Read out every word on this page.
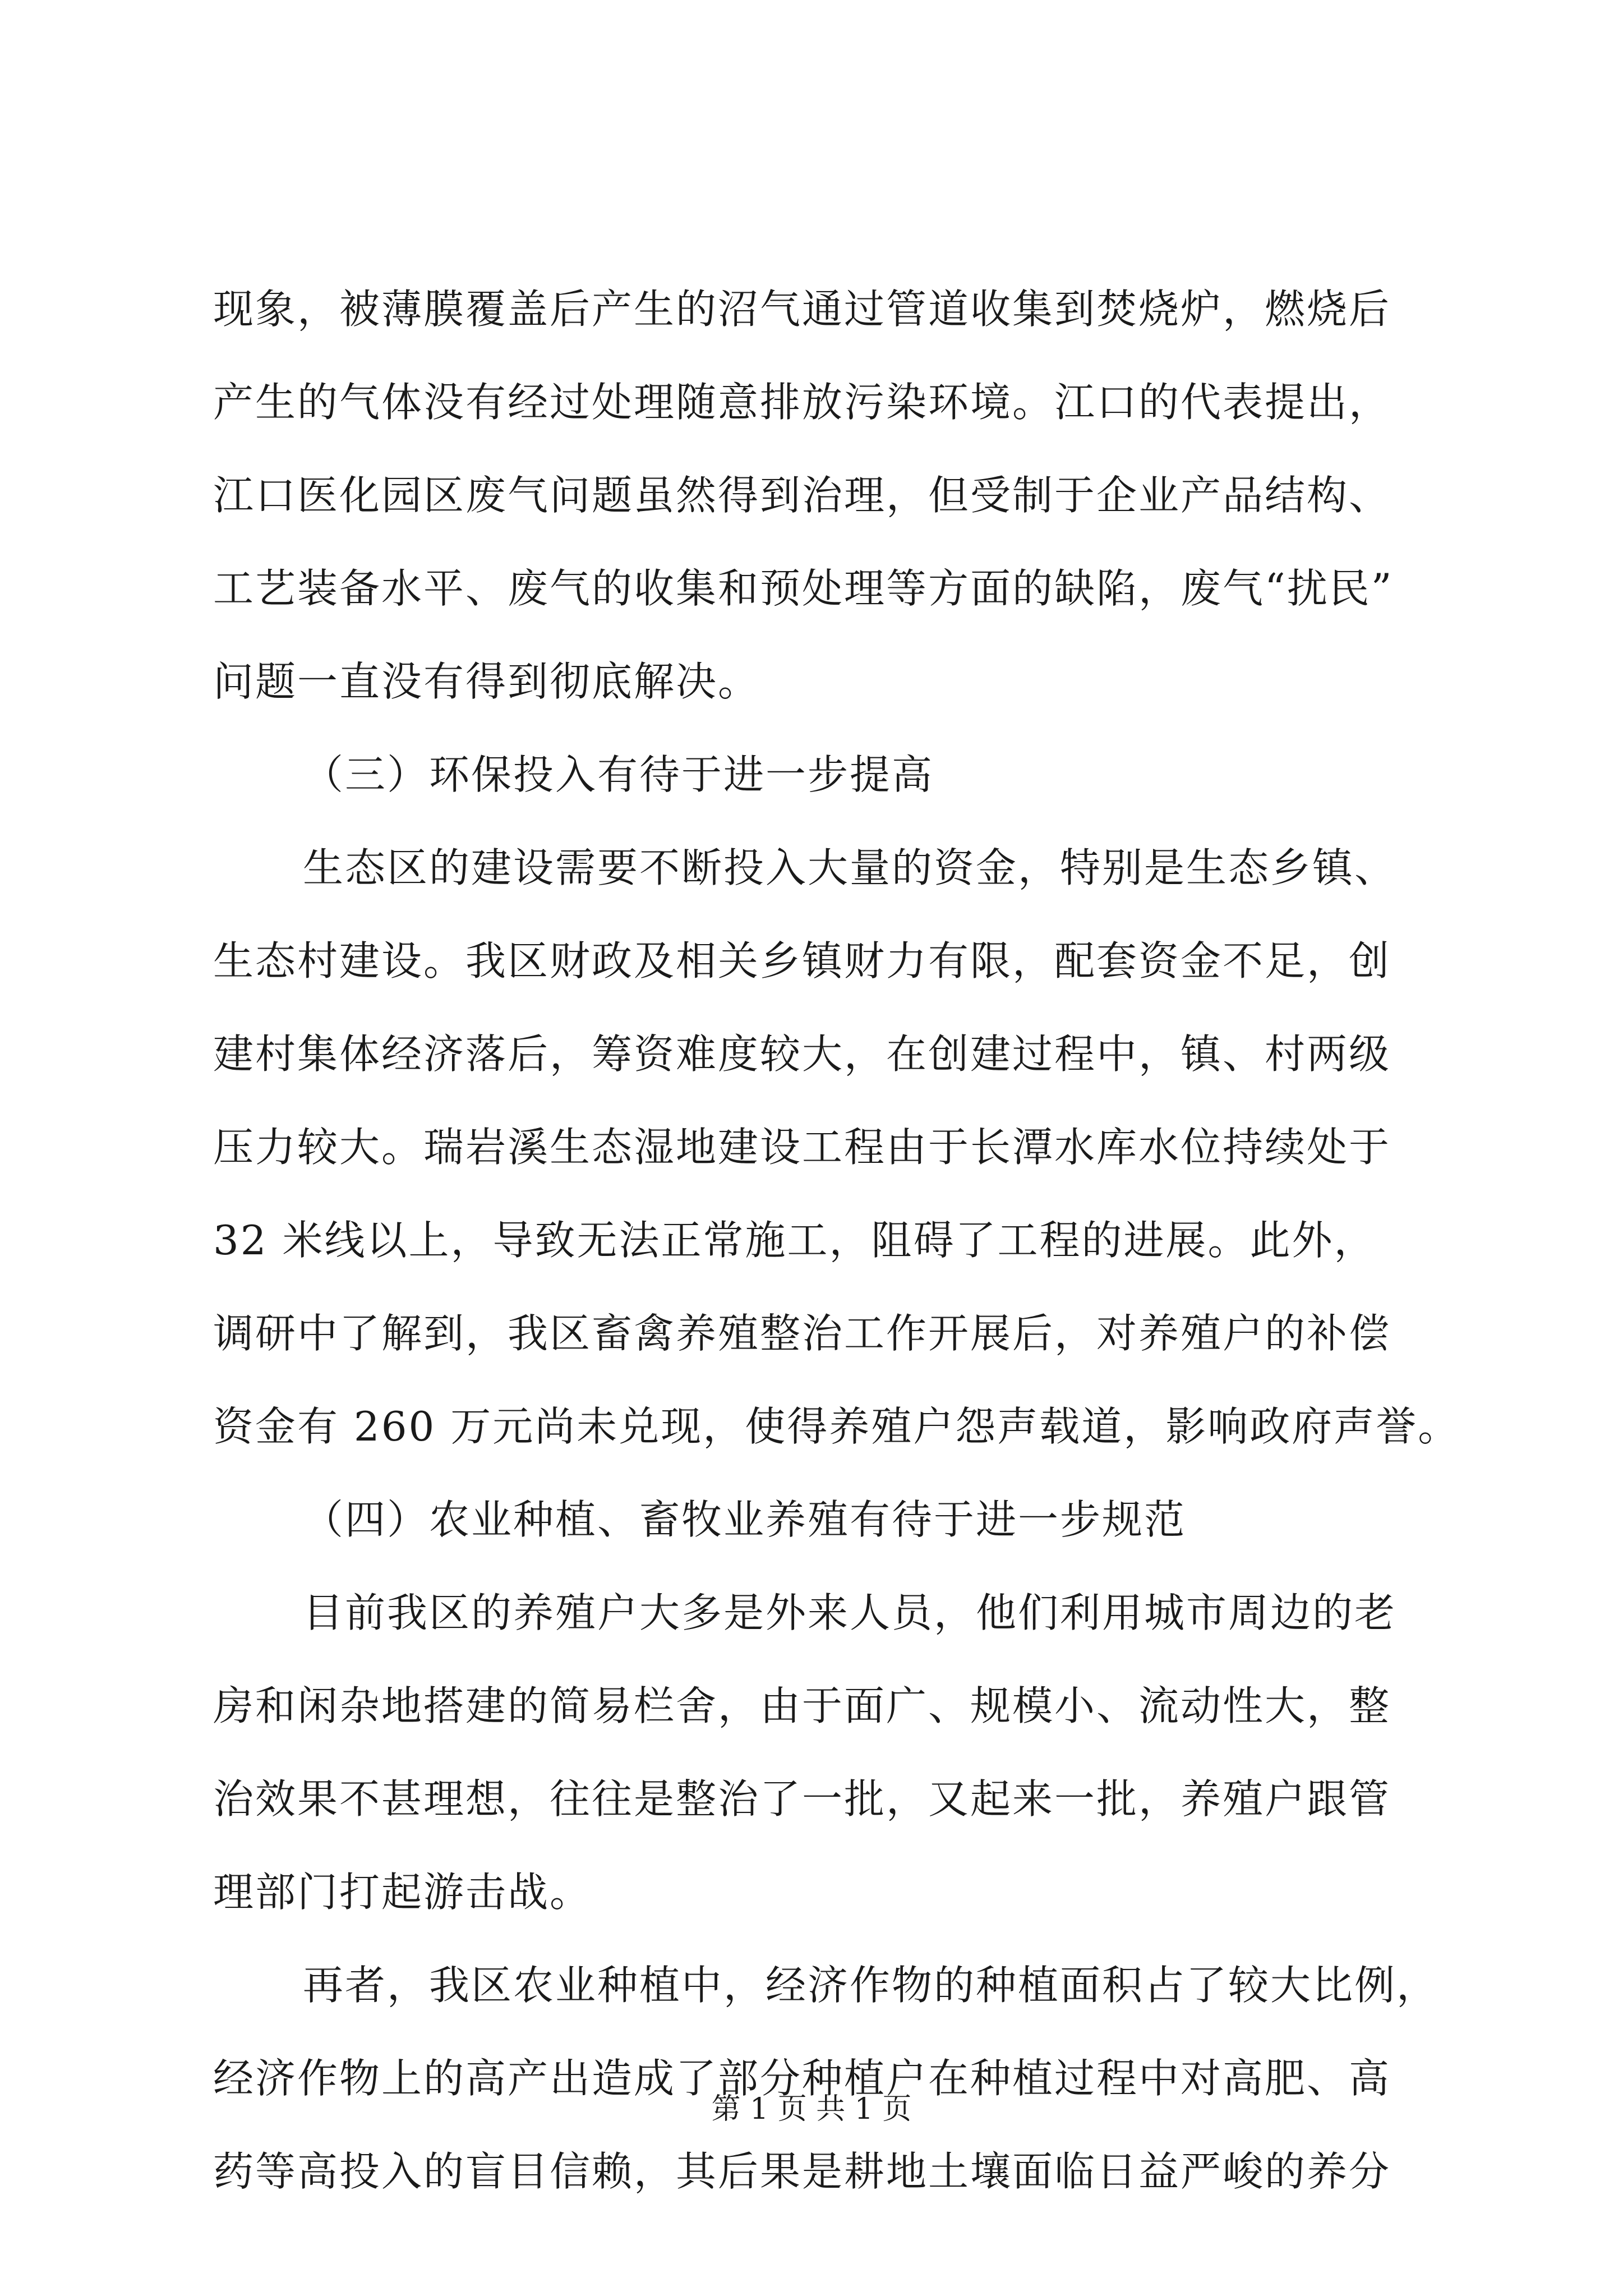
现象，被薄膜覆盖后产生的沼气通过管道收集到焚烧炉，燃烧后
产生的气体没有经过处理随意排放污染环境。江口的代表提出，
江口医化园区废气问题虽然得到治理，但受制于企业产品结构、
工艺装备水平、废气的收集和预处理等方面的缺陷，废气“扰民”
问题一直没有得到彻底解决。
（三）环保投入有待于进一步提高
生态区的建设需要不断投入大量的资金，特别是生态乡镇、
生态村建设。我区财政及相关乡镇财力有限，配套资金不足，创
建村集体经济落后，筹资难度较大，在创建过程中，镇、村两级
压力较大。瑞岩溪生态湿地建设工程由于长潭水库水位持续处于
32 米线以上，导致无法正常施工，阻碍了工程的进展。此外，
调研中了解到，我区畜禽养殖整治工作开展后，对养殖户的补偿
资金有 260 万元尚未兑现，使得养殖户怨声载道，影响政府声誉。
（四）农业种植、畜牧业养殖有待于进一步规范
目前我区的养殖户大多是外来人员，他们利用城市周边的老
房和闲杂地搭建的简易栏舍，由于面广、规模小、流动性大，整
治效果不甚理想，往往是整治了一批，又起来一批，养殖户跟管
理部门打起游击战。
再者，我区农业种植中，经济作物的种植面积占了较大比例，
经济作物上的高产出造成了部分种植户在种植过程中对高肥、高
药等高投入的盲目信赖，其后果是耕地土壤面临日益严峻的养分
第 1 页 共 1 页
